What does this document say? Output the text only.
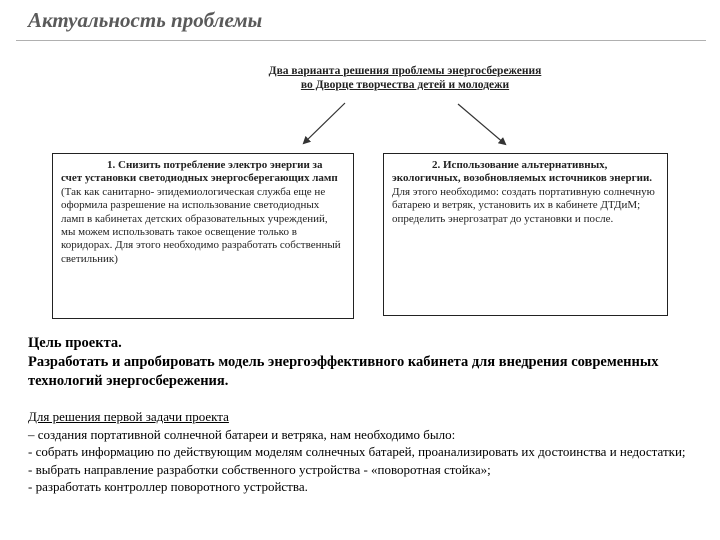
Актуальность проблемы
Два варианта решения проблемы энергосбережения
во Дворце творчества детей и молодежи
1. Снизить потребление электро энергии за счет установки светодиодных энергосберегающих ламп (Так как санитарно- эпидемиологическая служба еще не оформила разрешение на использование светодиодных ламп в кабинетах детских образовательных учреждений, мы можем использовать такое освещение только в коридорах. Для этого необходимо разработать собственный светильник)
2. Использование альтернативных, экологичных, возобновляемых источников энергии.
Для этого необходимо: создать портативную солнечную батарею и ветряк, установить их в кабинете ДТДиМ; определить энергозатрат до установки и после.
Цель проекта.
Разработать и апробировать модель энергоэффективного кабинета для внедрения современных технологий энергосбережения.
Для решения первой задачи проекта
– создания портативной солнечной батареи и ветряка, нам необходимо было:
- собрать информацию по действующим моделям солнечных батарей, проанализировать их достоинства и недостатки;
- выбрать направление разработки собственного устройства - «поворотная стойка»;
- разработать контроллер поворотного устройства.
